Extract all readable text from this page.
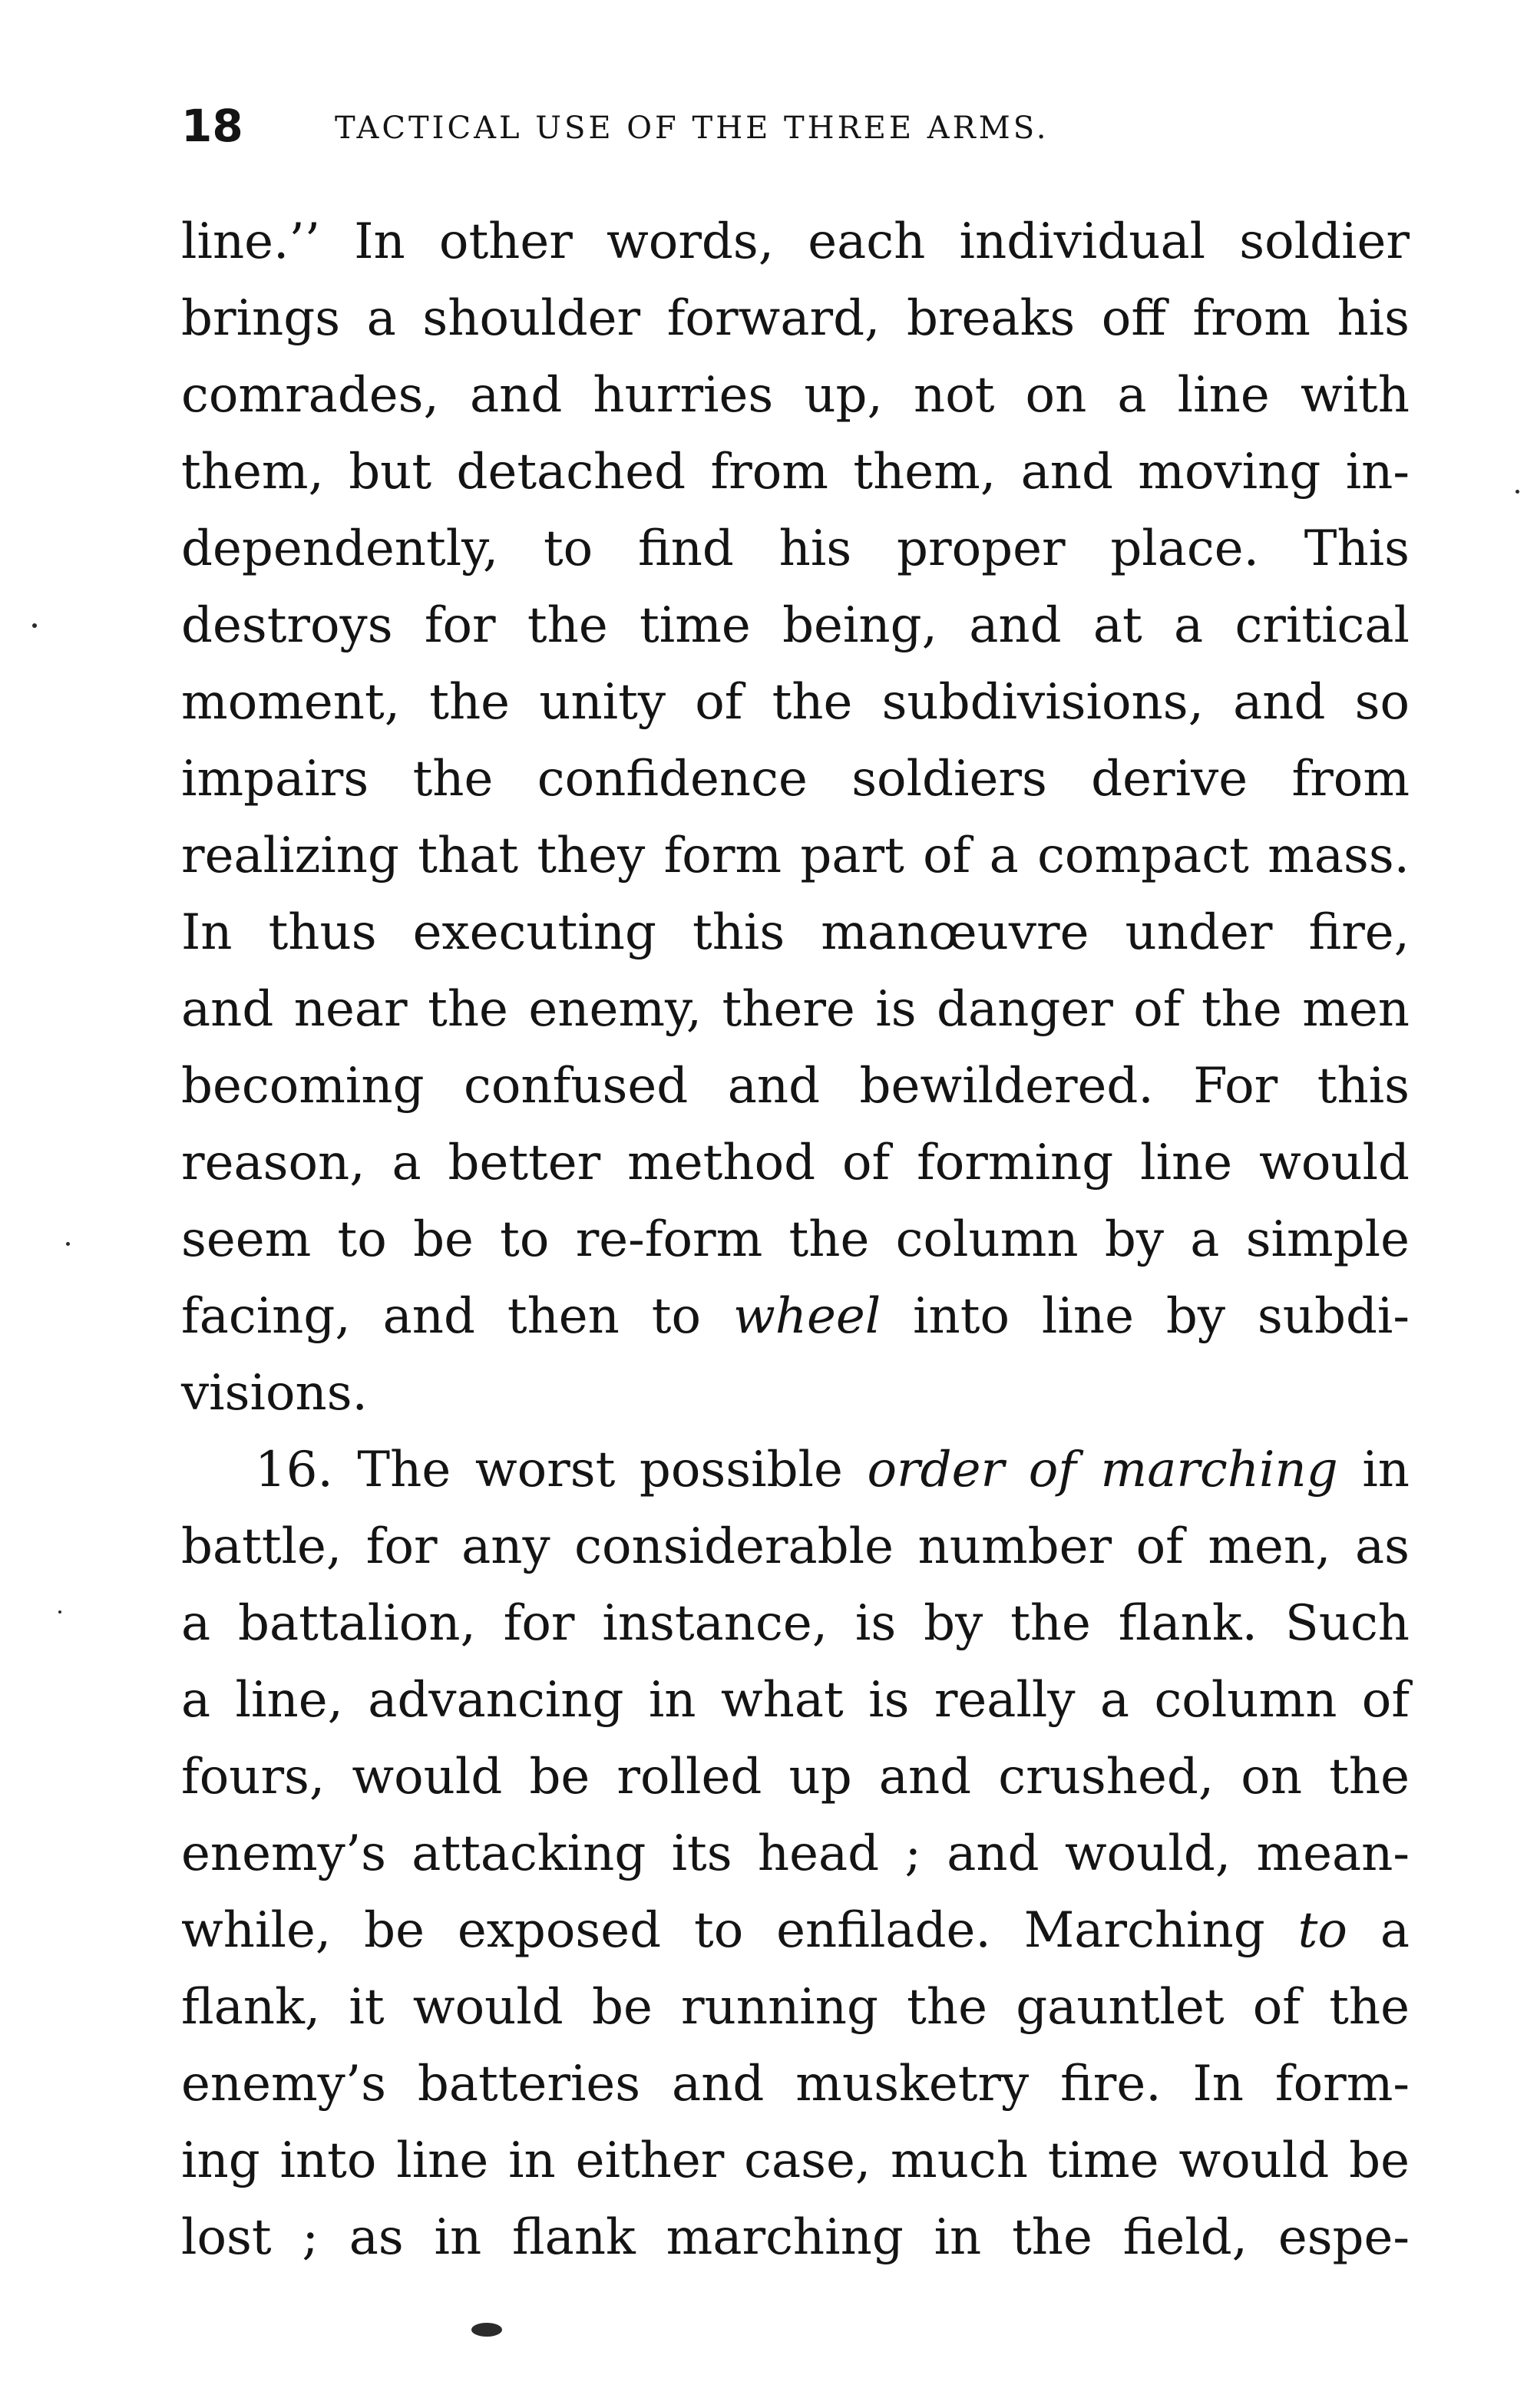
18	TACTICAL USE OF THE THREE ARMS.
line.’’ In other words, each individual soldier
brings a shoulder forward, breaks off from his
comrades, and hurries up, not on a line with
them, but detached from them, and moving in-
dependently, to find his proper place. This
destroys for the time being, and at a critical
moment, the unity of the subdivisions, and so
impairs the confidence soldiers derive from
realizing that they form part of a compact mass.
In thus executing this manœuvre under fire,
and near the enemy, there is danger of the men
becoming confused and bewildered. For this
reason, a better method of forming line would
seem to be to re-form the column by a simple
facing, and then to wheel into line by subdi-
visions.
16. The worst possible order of marching in
battle, for any considerable number of men, as
a battalion, for instance, is by the flank. Such
a line, advancing in what is really a column of
fours, would be rolled up and crushed, on the
enemy’s attacking its head ; and would, mean-
while, be exposed to enfilade. Marching to a
flank, it would be running the gauntlet of the
enemy’s batteries and musketry fire. In form-
ing into line in either case, much time would be
lost ; as in flank marching in the field, espe-
